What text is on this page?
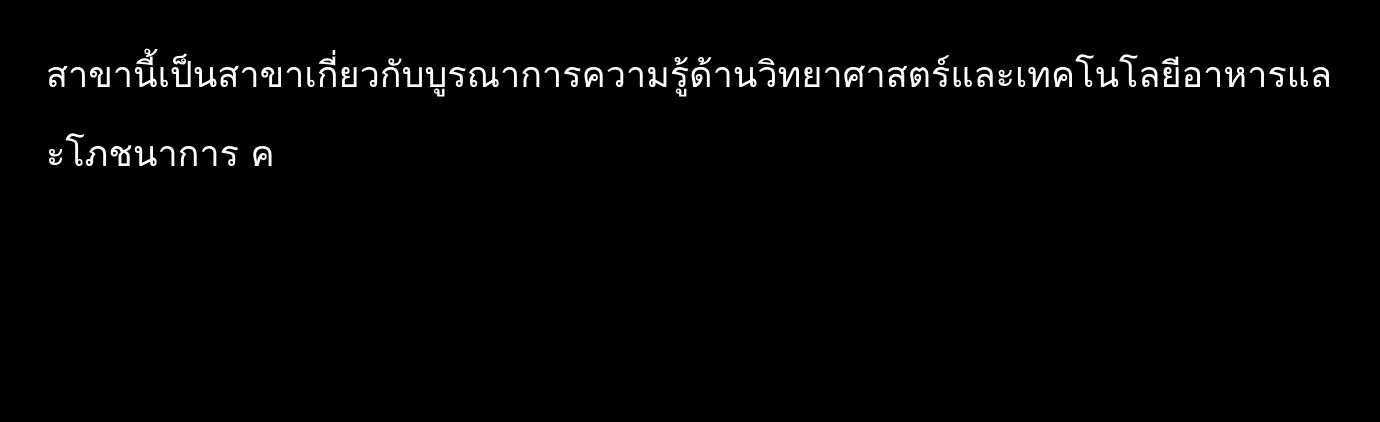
สาขานี้เป็นสาขาเกี่ยวกับบูรณาการความรู้ด้านวิทยาศาสตร์และเทคโนโลยีอาหารและโภชนาการ ค
